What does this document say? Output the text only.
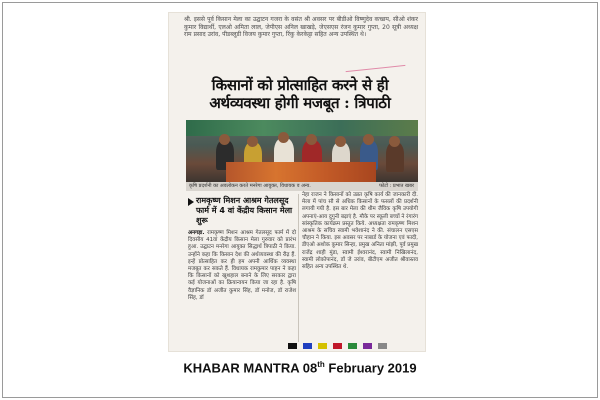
श्री. इससे पूर्व किसान मेला का उद्घाटन गजरा के वसंत श्री अवसर पर बीडीओ विष्णुदेव कच्छप, सीओ शंकर कुमार विद्यार्थी, एलओ अमिता लाल, जेपीएस अनिल खाखड़े, जेएसएस रंजन कुमार गुप्ता, 20 सूत्री अध्यक्ष राम प्रसाद उरांव, पीडब्लूडी विजय कुमार गुप्ता, रिंकु केरकेट्टा सहित अन्य उपस्थित थे।

किसानों को प्रोत्साहित करने से ही
अर्थव्यवस्था होगी मजबूत : त्रिपाठी
कृषि प्रदर्शनी का अवलोकन करते मनरेगा आयुक्त, विधायक व अन्य.	फोटो : प्रभात खबर
रामकृष्ण मिशन आश्रम गेतलसूद फार्म में 4 वां केंद्रीय किसान मेला शुरू

अनगड़ा. रामकृष्ण मिशन आश्रम गेतलसूद फार्म में दो दिवसीय 41वां केंद्रीय किसान मेला गुरुवार को प्रारंभ हुआ. उद्घाटन मनरेगा आयुक्त सिद्धार्थ त्रिपाठी ने किया. उन्होंने कहा कि किसान देश की अर्थव्यवस्था की रीढ़ हैं. इन्हें प्रोत्साहित कर ही हम अपनी आर्थिक व्यवस्था मजबूत कर सकते हैं. विधायक रामकुमार पाहन ने कहा कि किसानों को खुशहाल बनाने के लिए सरकार द्वारा कई योजनाओं का क्रियान्वयन किया जा रहा है. कृषि वैज्ञानिक डॉ अजीत कुमार सिंह, डॉ मनोज, डॉ राजेश सिंह, डॉ

नेहा राजन ने किसानों को उन्नत कृषि कार्य की जानकारी दी. मेला में पांच सौ से अधिक किसानों के फसलों की प्रदर्शनी लगायी गयी है. इस बार मेला की थीम जैविक कृषि उपयोगी अपनाएं-आय दुगुनी बढ़ाएं है. मौके पर स्कूली बच्चों ने रंगारंग सांस्कृतिक कार्यक्रम प्रस्तुत किये. अध्यक्षता रामकृष्ण मिशन आश्रम के सचिव स्वामी भवेशानंद ने की. संचालन एसएस चौहान ने किया. इस अवसर पर नाबार्ड के योजना एवं फादी, डीएओ अशोक कुमार सिन्हा, प्रमुख अनिता मांझी, पूर्व प्रमुख राजेंद्र शाही मुंडा, स्वामी ईश्वरानंद, स्वामी निखिलानंद, स्वामी लोकोपानंद, डॉ जे उरांव, बीटीएम अजीत श्रीवास्तव सहित अन्य उपस्थित थे.

KHABAR MANTRA 08th February 2019
